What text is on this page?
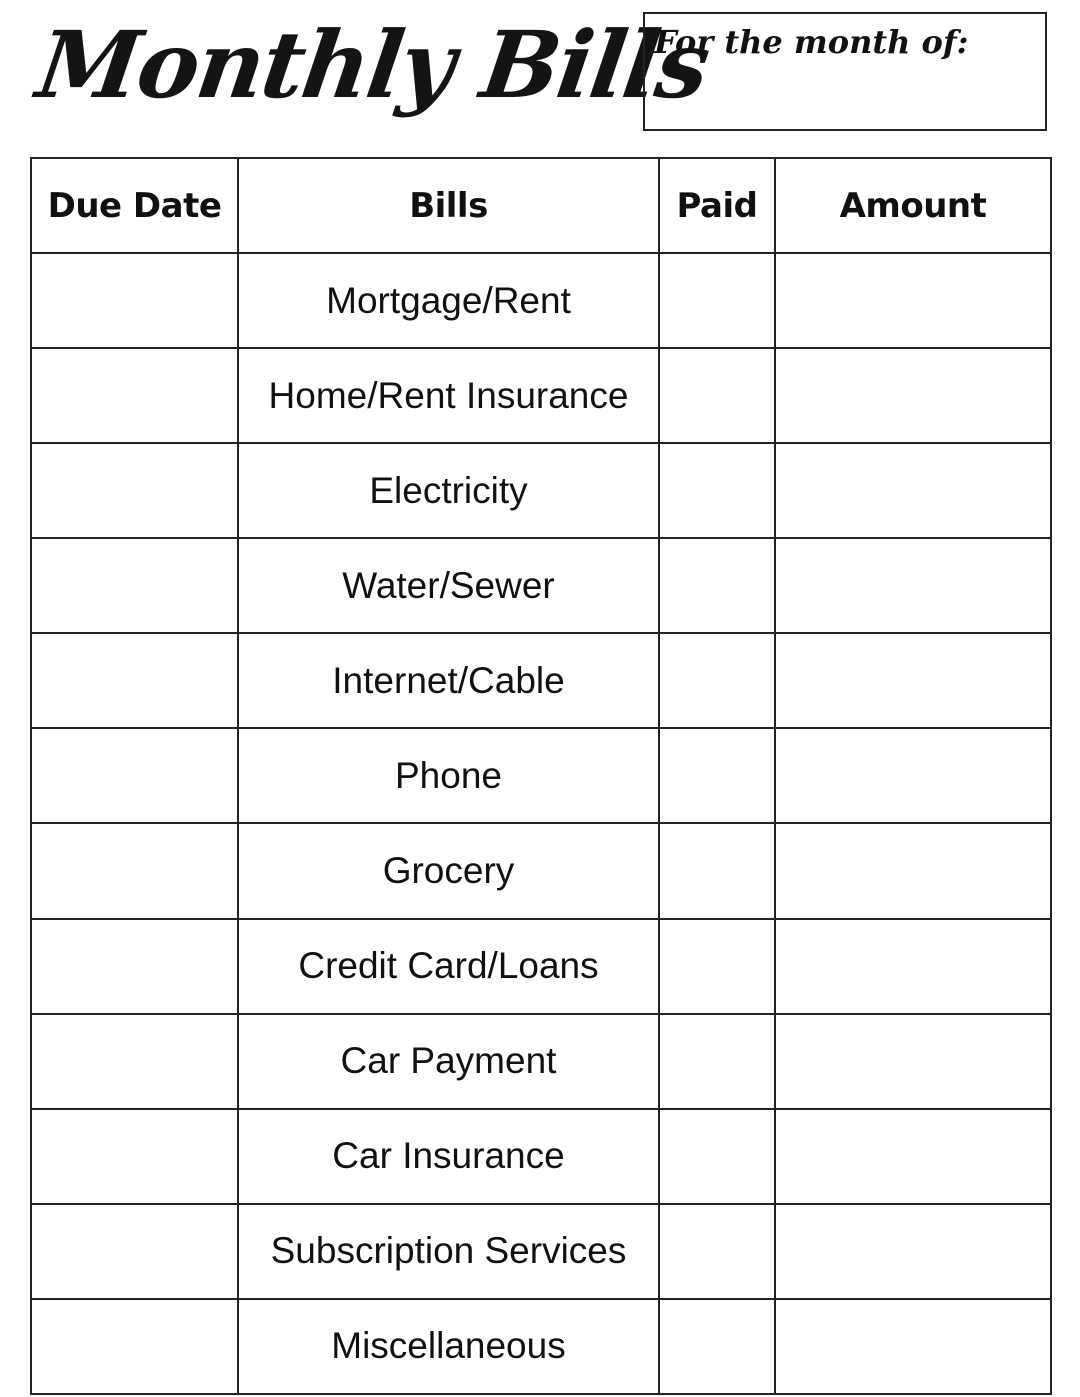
Monthly Bills
For the month of:
Due Date	Bills	Paid	Amount
	Mortgage/Rent		
	Home/Rent Insurance		
	Electricity		
	Water/Sewer		
	Internet/Cable		
	Phone		
	Grocery		
	Credit Card/Loans		
	Car Payment		
	Car Insurance		
	Subscription Services		
	Miscellaneous		
